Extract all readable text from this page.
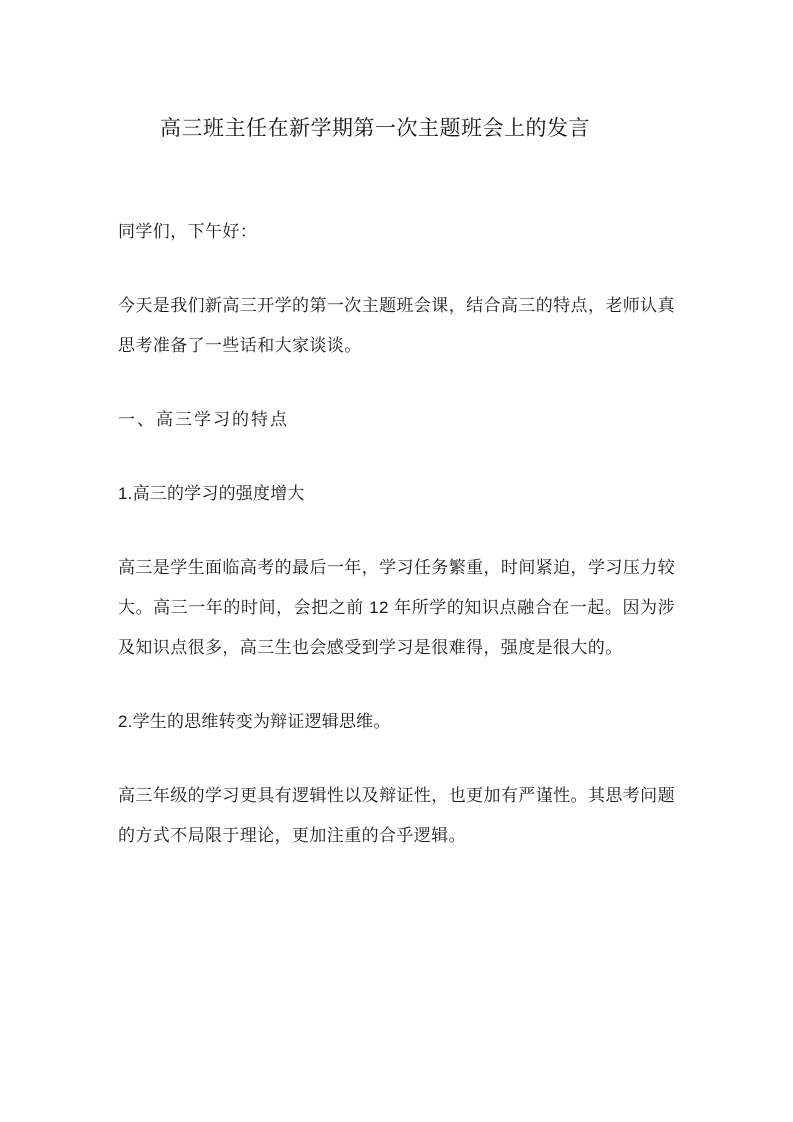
高三班主任在新学期第一次主题班会上的发言

同学们，下午好：

今天是我们新高三开学的第一次主题班会课，结合高三的特点，老师认真思考准备了一些话和大家谈谈。

一、高三学习的特点

1.高三的学习的强度增大

高三是学生面临高考的最后一年，学习任务繁重，时间紧迫，学习压力较大。高三一年的时间，会把之前 12 年所学的知识点融合在一起。因为涉及知识点很多，高三生也会感受到学习是很难得，强度是很大的。

2.学生的思维转变为辩证逻辑思维。

高三年级的学习更具有逻辑性以及辩证性，也更加有严谨性。其思考问题的方式不局限于理论，更加注重的合乎逻辑。
